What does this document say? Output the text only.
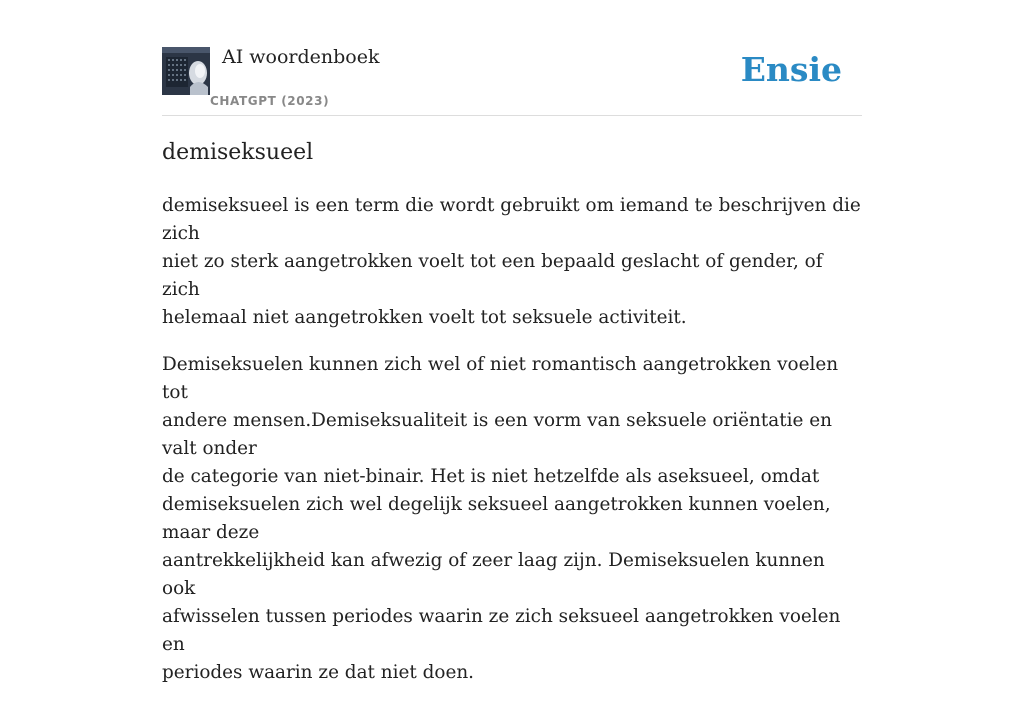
AI woordenboek
CHATGPT (2023)
Ensie
demiseksueel

demiseksueel is een term die wordt gebruikt om iemand te beschrijven die zich
niet zo sterk aangetrokken voelt tot een bepaald geslacht of gender, of zich
helemaal niet aangetrokken voelt tot seksuele activiteit.

Demiseksuelen kunnen zich wel of niet romantisch aangetrokken voelen tot
andere mensen.Demiseksualiteit is een vorm van seksuele oriëntatie en valt onder
de categorie van niet-binair. Het is niet hetzelfde als aseksueel, omdat
demiseksuelen zich wel degelijk seksueel aangetrokken kunnen voelen, maar deze
aantrekkelijkheid kan afwezig of zeer laag zijn. Demiseksuelen kunnen ook
afwisselen tussen periodes waarin ze zich seksueel aangetrokken voelen en
periodes waarin ze dat niet doen.
